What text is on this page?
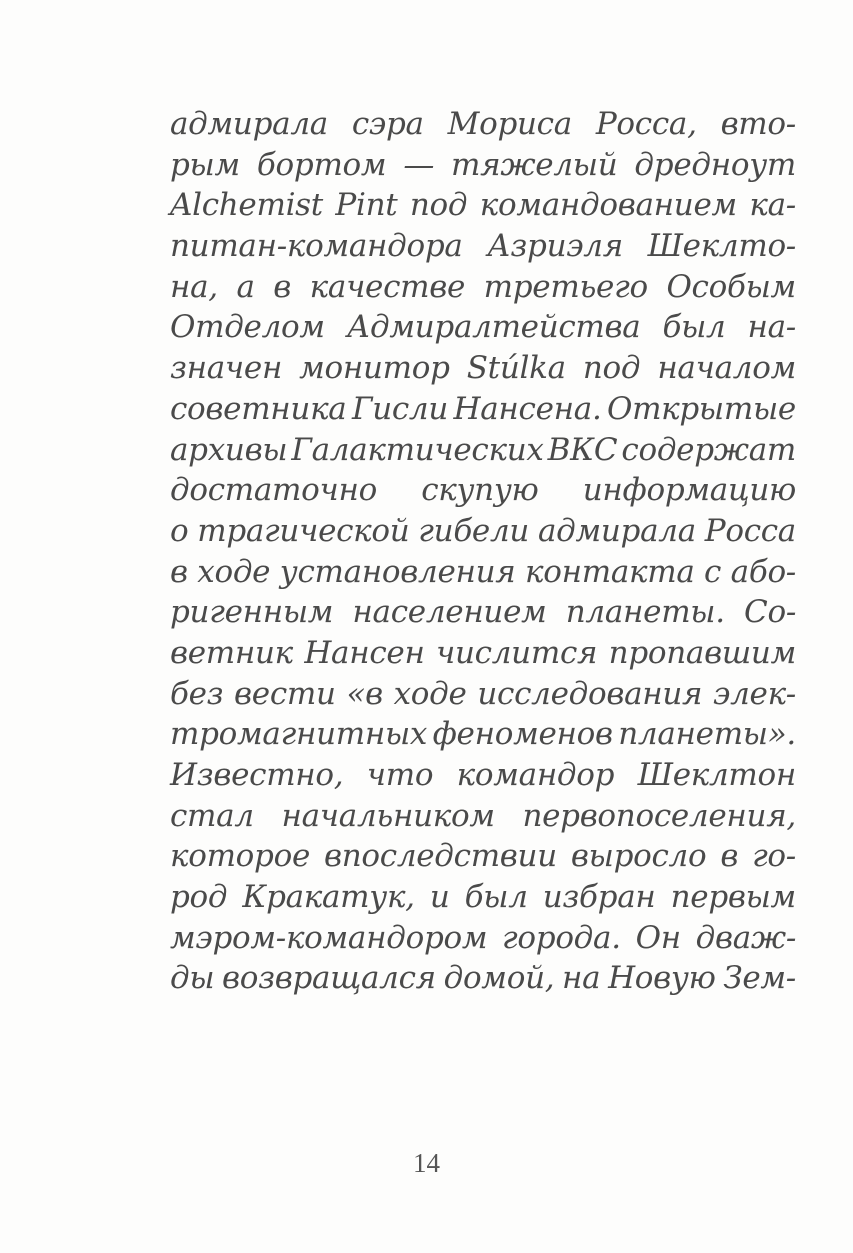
адмирала сэра Мориса Росса, вто-
рым бортом — тяжелый дредноут
Alchemist Pint под командованием ка-
питан-командора Азриэля Шеклто-
на, а в качестве третьего Особым
Отделом Адмиралтейства был на-
значен монитор Stúlka под началом
советника Гисли Нансена. Открытые
архивы Галактических ВКС содержат
достаточно скупую информацию
о трагической гибели адмирала Росса
в ходе установления контакта с або-
ригенным населением планеты. Со-
ветник Нансен числится пропавшим
без вести «в ходе исследования элек-
тромагнитных феноменов планеты».
Известно, что командор Шеклтон
стал начальником первопоселения,
которое впоследствии выросло в го-
род Кракатук, и был избран первым
мэром-командором города. Он дваж-
ды возвращался домой, на Новую Зем-
14
